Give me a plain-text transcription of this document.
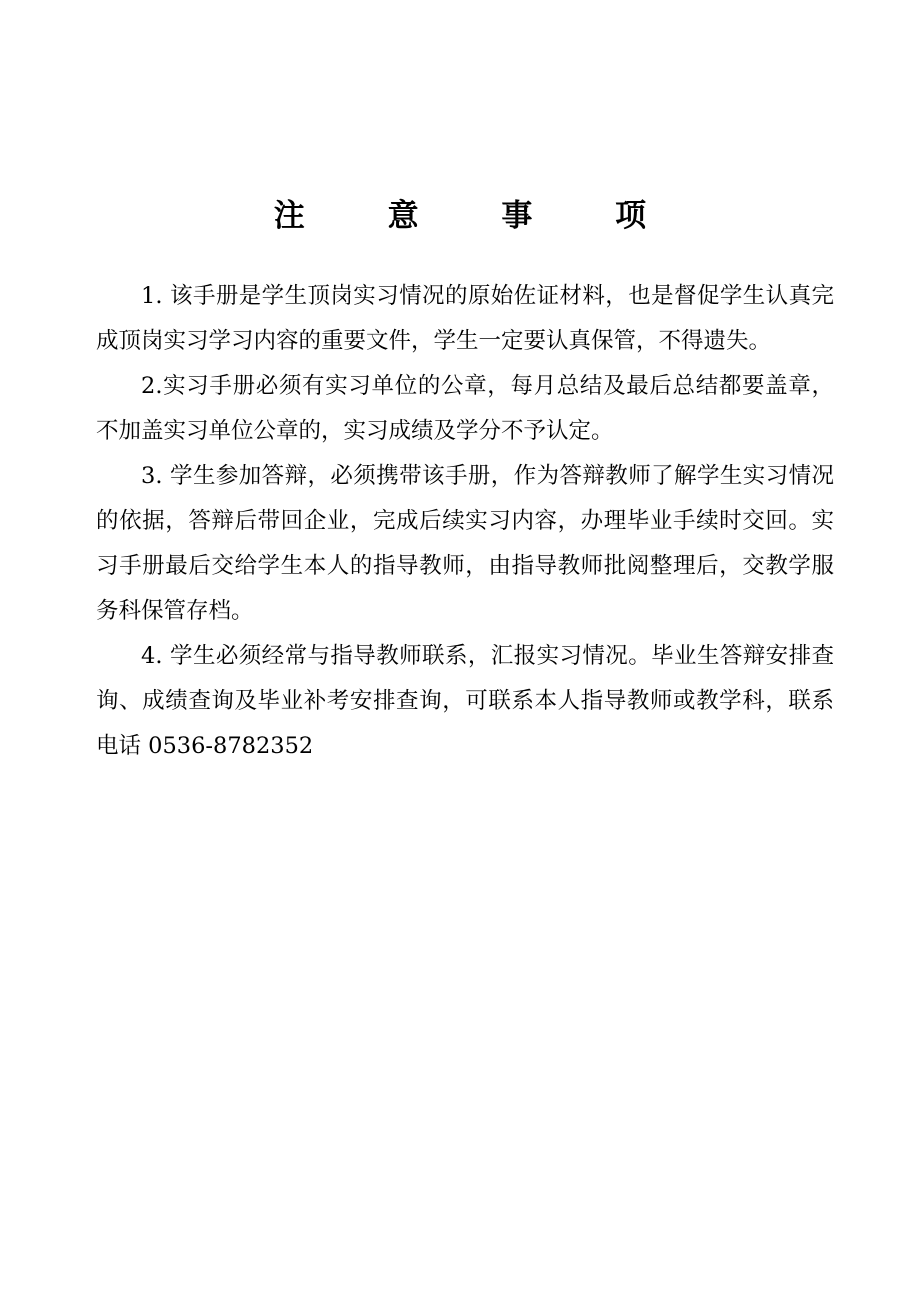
注 意 事 项

1. 该手册是学生顶岗实习情况的原始佐证材料，也是督促学生认真完成顶岗实习学习内容的重要文件，学生一定要认真保管，不得遗失。

2.实习手册必须有实习单位的公章，每月总结及最后总结都要盖章，不加盖实习单位公章的，实习成绩及学分不予认定。

3. 学生参加答辩，必须携带该手册，作为答辩教师了解学生实习情况的依据，答辩后带回企业，完成后续实习内容，办理毕业手续时交回。实习手册最后交给学生本人的指导教师，由指导教师批阅整理后，交教学服务科保管存档。

4. 学生必须经常与指导教师联系，汇报实习情况。毕业生答辩安排查询、成绩查询及毕业补考安排查询，可联系本人指导教师或教学科，联系电话 0536-8782352
